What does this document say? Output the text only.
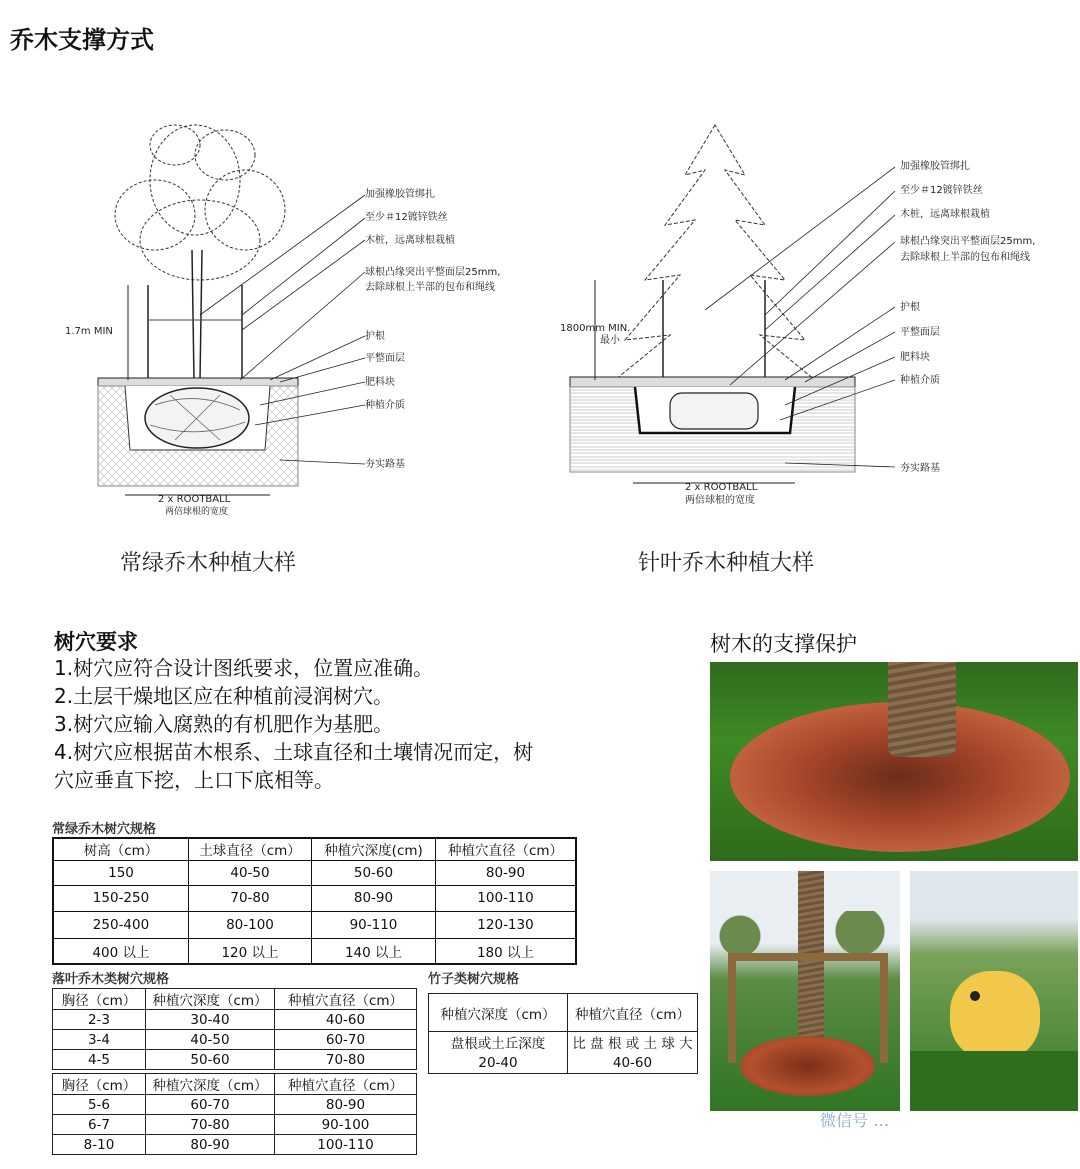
乔木支撑方式
1.7m MIN
2 x ROOTBALL
两倍球根的宽度
加强橡胶管绑扎
至少＃12镀锌铁丝
木桩，远离球根栽植
球根凸缘突出平整面层25mm,
去除球根上半部的包布和绳线
护根
平整面层
肥料块
种植介质
夯实路基
常绿乔木种植大样
1800mm MIN.
最小
2 x ROOTBALL
两倍球根的宽度
加强橡胶管绑扎
至少＃12镀锌铁丝
木桩，远离球根栽植
球根凸缘突出平整面层25mm,
去除球根上半部的包布和绳线
护根
平整面层
肥料块
种植介质
夯实路基
针叶乔木种植大样
树穴要求
1.树穴应符合设计图纸要求，位置应准确。
2.土层干燥地区应在种植前浸润树穴。
3.树穴应输入腐熟的有机肥作为基肥。
4.树穴应根据苗木根系、土球直径和土壤情况而定，树
穴应垂直下挖，上口下底相等。
常绿乔木树穴规格
树高（cm）	土球直径（cm）	种植穴深度(cm)	种植穴直径（cm）
150	40-50	50-60	80-90
150-250	70-80	80-90	100-110
250-400	80-100	90-110	120-130
400 以上	120 以上	140 以上	180 以上
落叶乔木类树穴规格
胸径（cm）	种植穴深度（cm）	种植穴直径（cm）
2-3	30-40	40-60
3-4	40-50	60-70
4-5	50-60	70-80
胸径（cm）	种植穴深度（cm）	种植穴直径（cm）
5-6	60-70	80-90
6-7	70-80	90-100
8-10	80-90	100-110
竹子类树穴规格
种植穴深度（cm）	种植穴直径（cm）
盘根或土丘深度	比 盘 根 或 土 球 大
20-40	40-60
树木的支撑保护
微信号 …
